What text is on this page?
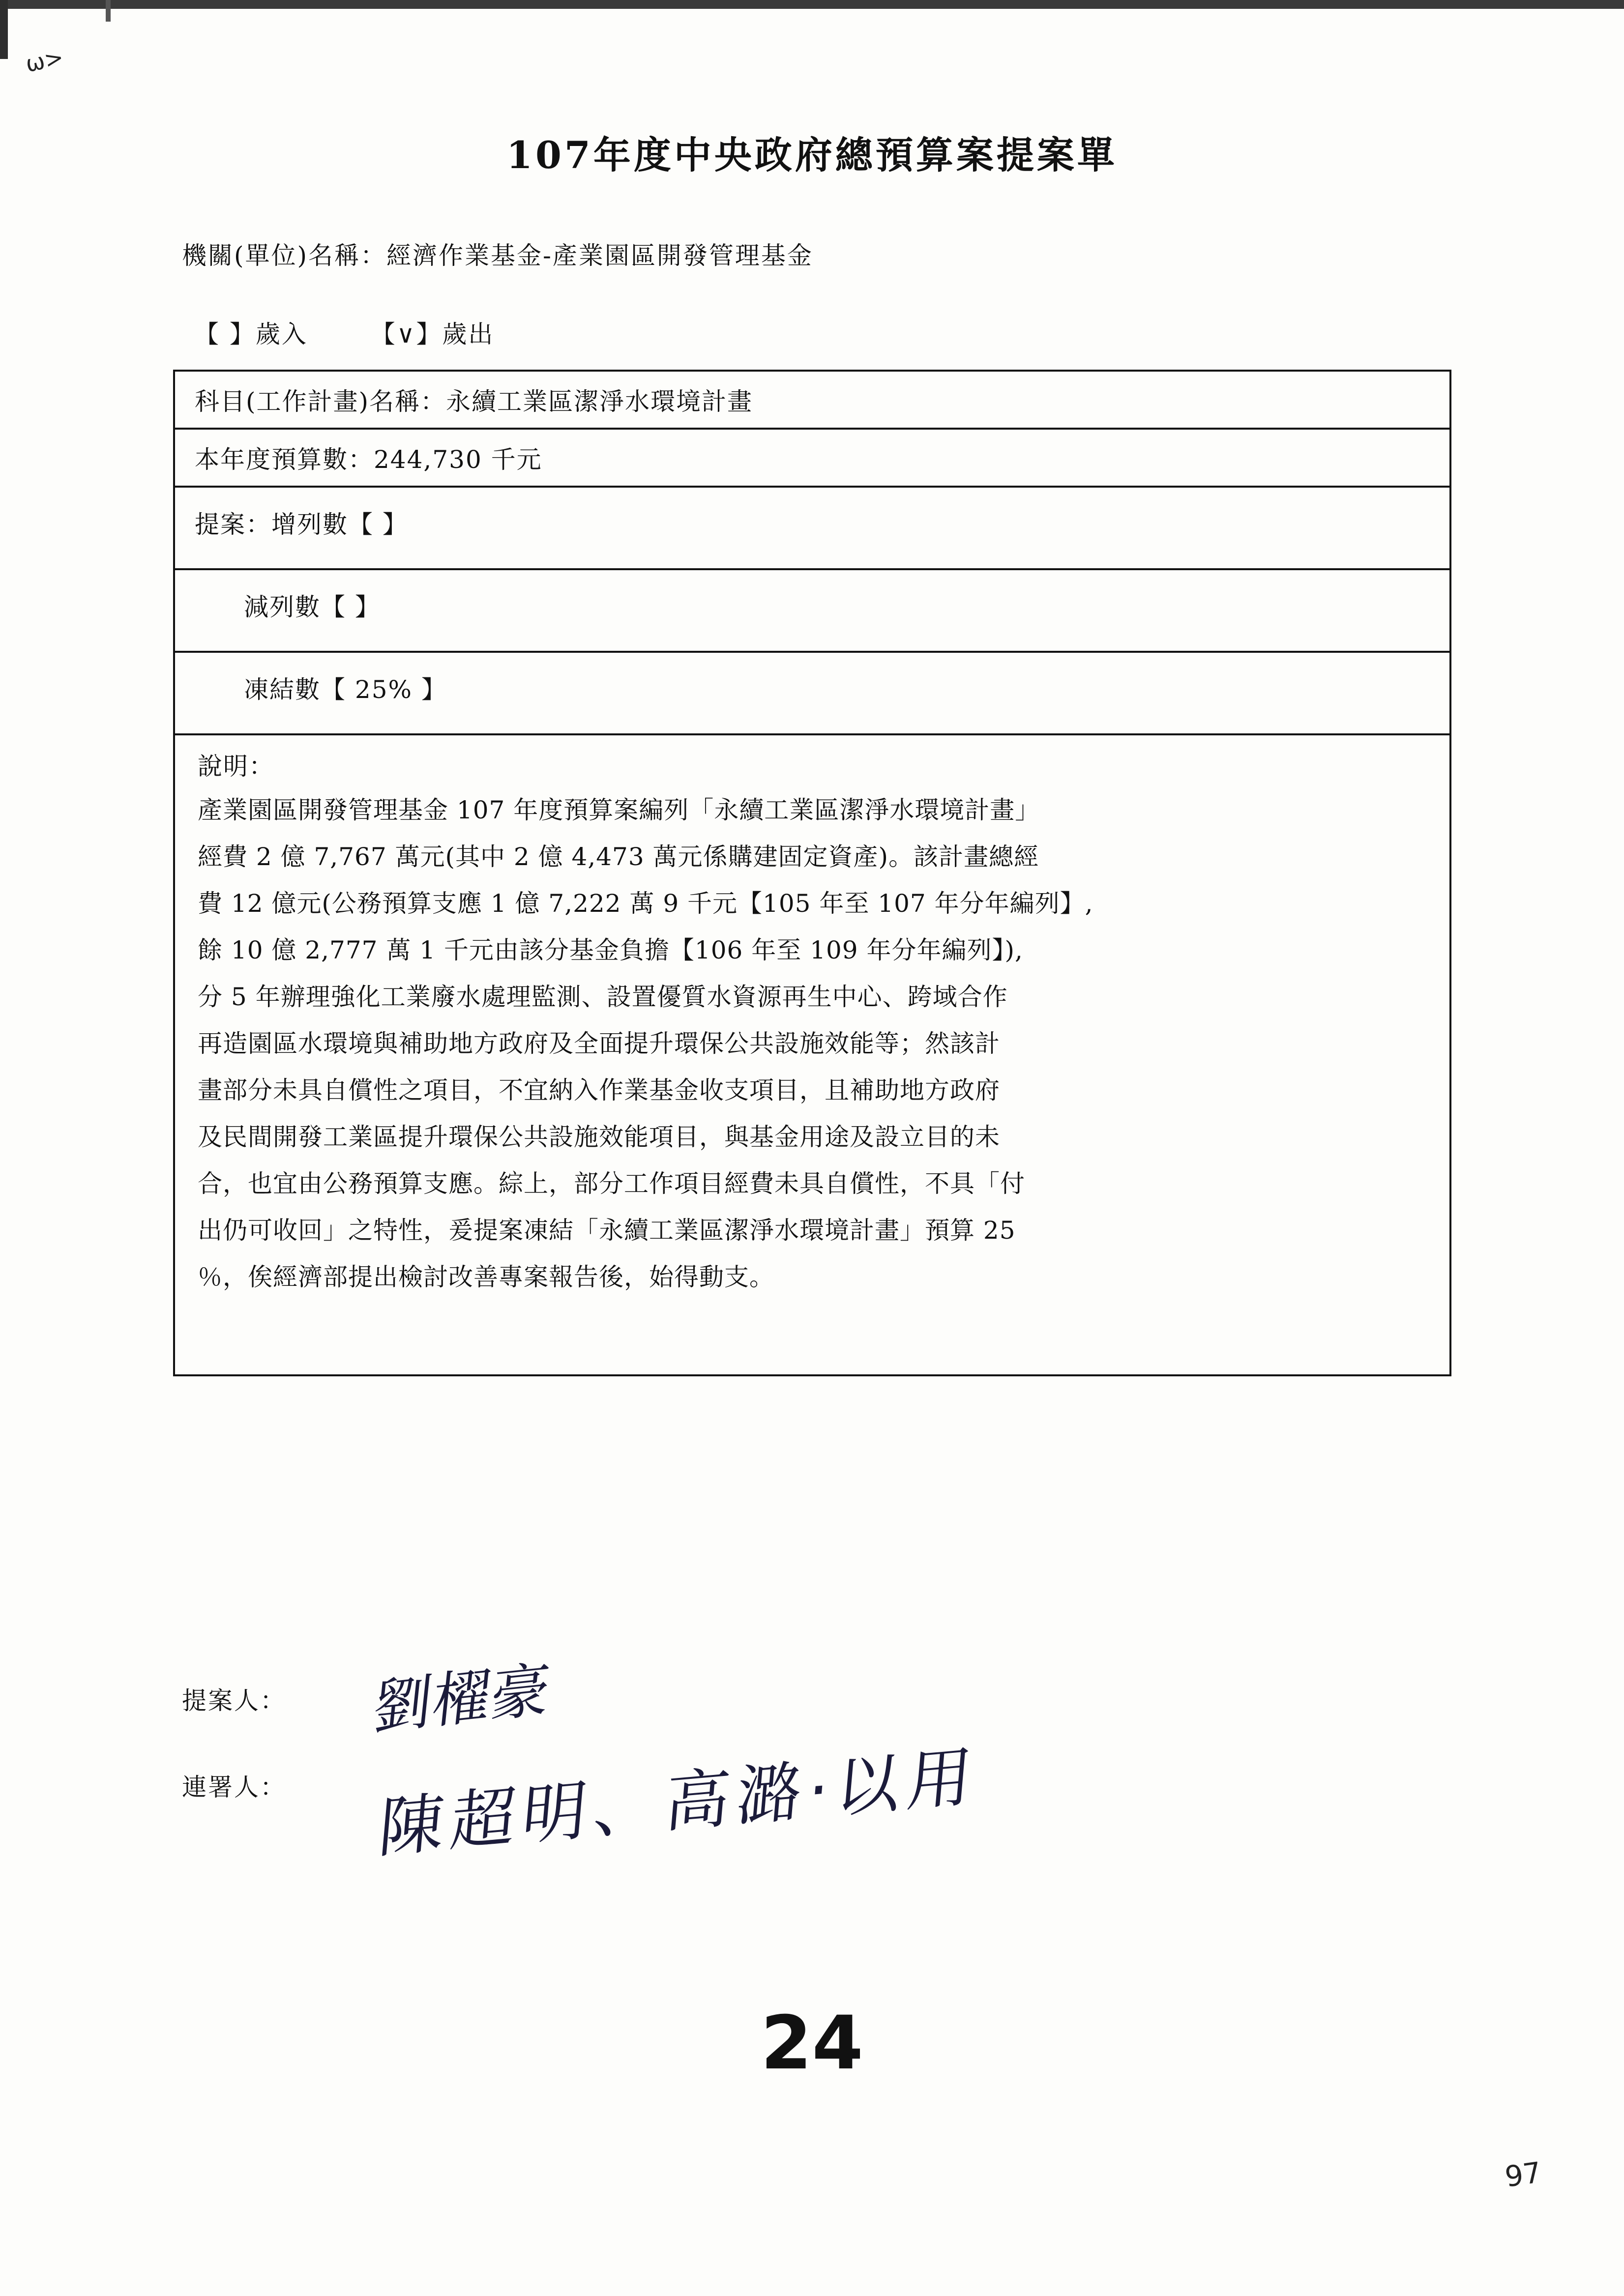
ω>
107年度中央政府總預算案提案單
機關(單位)名稱：經濟作業基金-產業園區開發管理基金
【 】歲入	【∨】歲出
科目(工作計畫)名稱：永續工業區潔淨水環境計畫
本年度預算數：244,730 千元
提案：增列數【 】
減列數【 】
凍結數【 25% 】
說明：

產業園區開發管理基金 107 年度預算案編列「永續工業區潔淨水環境計畫」

經費 2 億 7,767 萬元(其中 2 億 4,473 萬元係購建固定資產)。該計畫總經

費 12 億元(公務預算支應 1 億 7,222 萬 9 千元【105 年至 107 年分年編列】,

餘 10 億 2,777 萬 1 千元由該分基金負擔【106 年至 109 年分年編列】),

分 5 年辦理強化工業廢水處理監測、設置優質水資源再生中心、跨域合作

再造園區水環境與補助地方政府及全面提升環保公共設施效能等；然該計

畫部分未具自償性之項目，不宜納入作業基金收支項目，且補助地方政府

及民間開發工業區提升環保公共設施效能項目，與基金用途及設立目的未

合，也宜由公務預算支應。綜上，部分工作項目經費未具自償性，不具「付

出仍可收回」之特性，爰提案凍結「永續工業區潔淨水環境計畫」預算 25

％，俟經濟部提出檢討改善專案報告後，始得動支。

提案人：
連署人：
劉櫂豪
陳超明、高潞·以用
24
97
